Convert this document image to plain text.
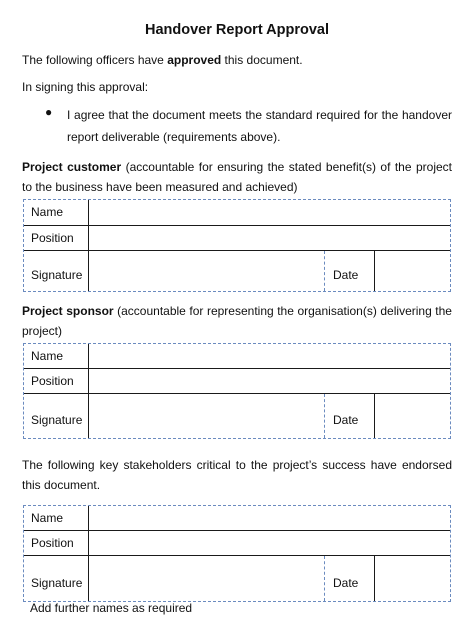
Handover Report Approval
The following officers have approved this document.
In signing this approval:
● I agree that the document meets the standard required for the handover report deliverable (requirements above).
Project customer (accountable for ensuring the stated benefit(s) of the project to the business have been measured and achieved)
Name
Position
Signature	Date
Project sponsor (accountable for representing the organisation(s) delivering the project)
Name
Position
Signature	Date
The following key stakeholders critical to the project’s success have endorsed this document.
Name
Position
Signature	Date
Add further names as required
